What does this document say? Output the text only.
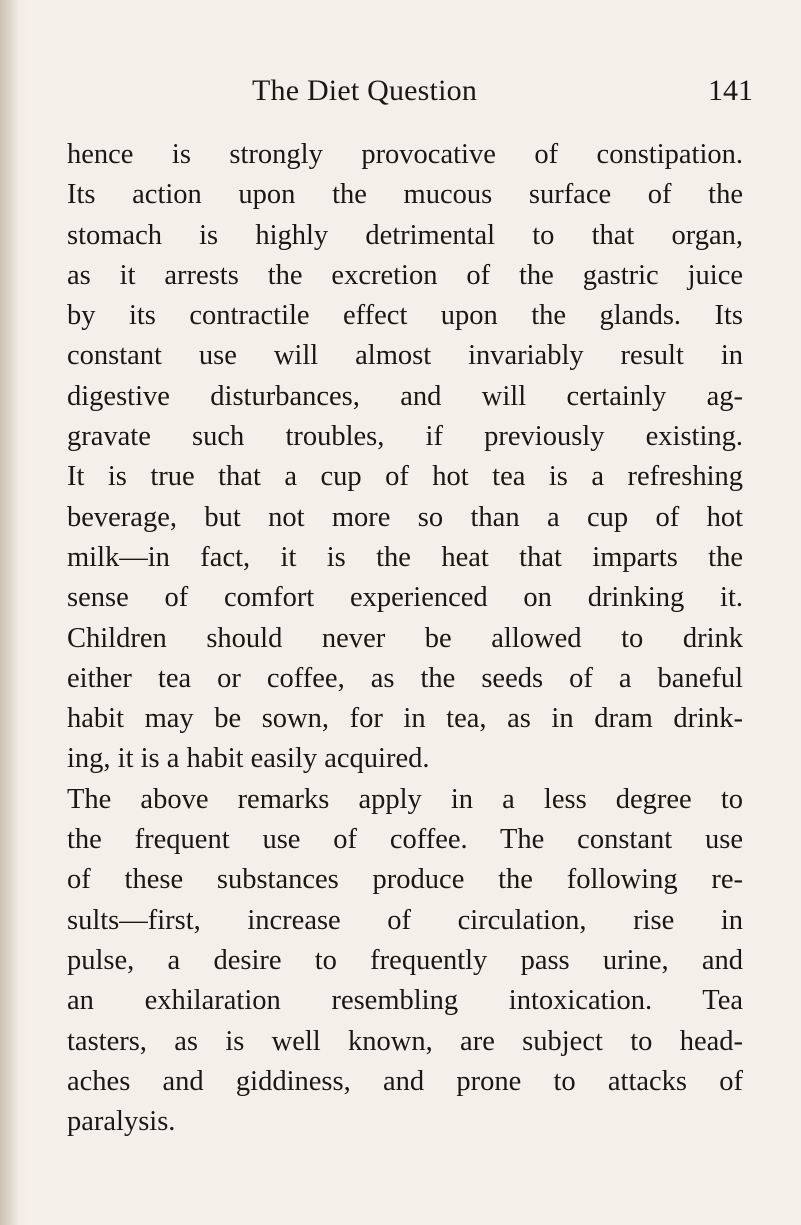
The Diet Question	141
hence is strongly provocative of constipation.
Its action upon the mucous surface of the
stomach is highly detrimental to that organ,
as it arrests the excretion of the gastric juice
by its contractile effect upon the glands. Its
constant use will almost invariably result in
digestive disturbances, and will certainly ag-
gravate such troubles, if previously existing.
It is true that a cup of hot tea is a refreshing
beverage, but not more so than a cup of hot
milk—in fact, it is the heat that imparts the
sense of comfort experienced on drinking it.
Children should never be allowed to drink
either tea or coffee, as the seeds of a baneful
habit may be sown, for in tea, as in dram drink-
ing, it is a habit easily acquired.
The above remarks apply in a less degree to
the frequent use of coffee. The constant use
of these substances produce the following re-
sults—first, increase of circulation, rise in
pulse, a desire to frequently pass urine, and
an exhilaration resembling intoxication. Tea
tasters, as is well known, are subject to head-
aches and giddiness, and prone to attacks of
paralysis.
